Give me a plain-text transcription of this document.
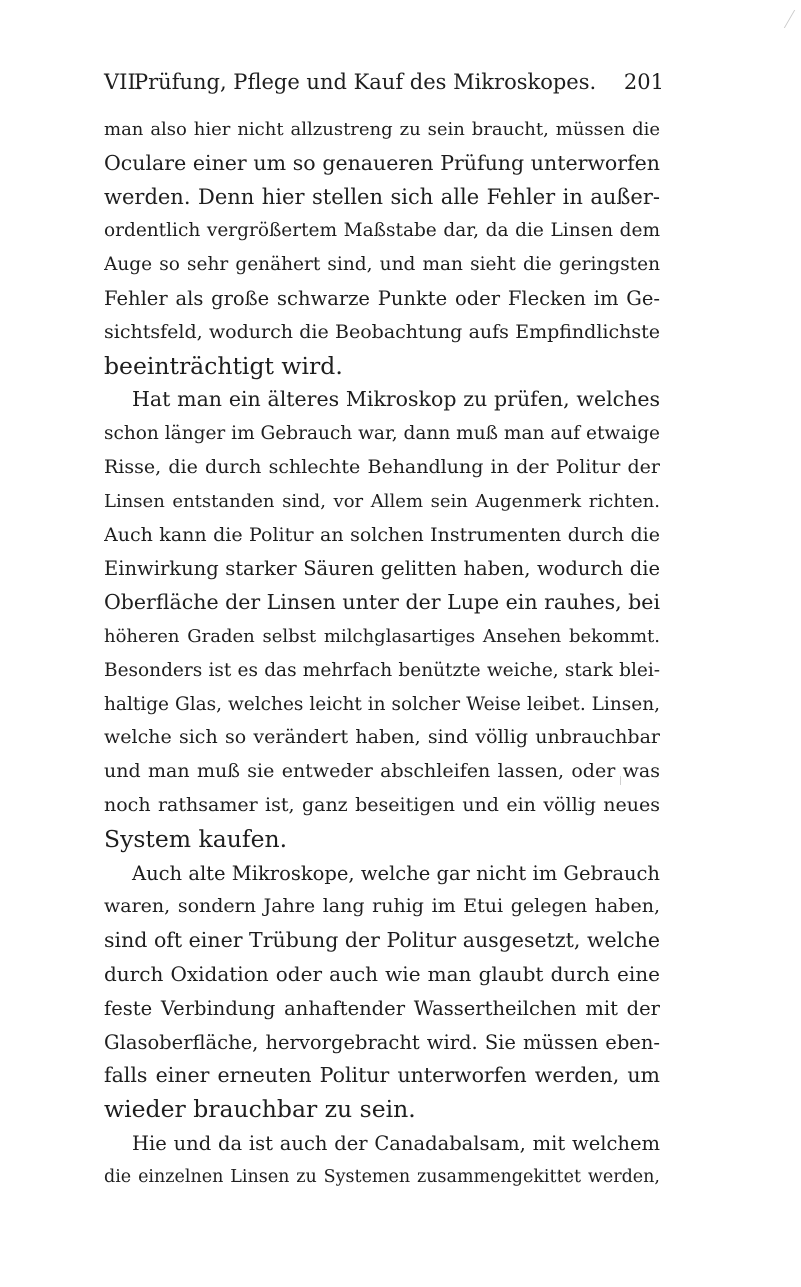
VII.
Prüfung, Pflege und Kauf des Mikroskopes. 201
man also hier nicht allzustreng zu sein braucht, müssen die
Oculare einer um so genaueren Prüfung unterworfen
werden. Denn hier stellen sich alle Fehler in außer-
ordentlich vergrößertem Maßstabe dar, da die Linsen dem
Auge so sehr genähert sind, und man sieht die geringsten
Fehler als große schwarze Punkte oder Flecken im Ge-
sichtsfeld, wodurch die Beobachtung aufs Empfindlichste
beeinträchtigt wird.
Hat man ein älteres Mikroskop zu prüfen, welches
schon länger im Gebrauch war, dann muß man auf etwaige
Risse, die durch schlechte Behandlung in der Politur der
Linsen entstanden sind, vor Allem sein Augenmerk richten.
Auch kann die Politur an solchen Instrumenten durch die
Einwirkung starker Säuren gelitten haben, wodurch die
Oberfläche der Linsen unter der Lupe ein rauhes, bei
höheren Graden selbst milchglasartiges Ansehen bekommt.
Besonders ist es das mehrfach benützte weiche, stark blei-
haltige Glas, welches leicht in solcher Weise leibet. Linsen,
welche sich so verändert haben, sind völlig unbrauchbar
und man muß sie entweder abschleifen lassen, oder was
noch rathsamer ist, ganz beseitigen und ein völlig neues
System kaufen.
Auch alte Mikroskope, welche gar nicht im Gebrauch
waren, sondern Jahre lang ruhig im Etui gelegen haben,
sind oft einer Trübung der Politur ausgesetzt, welche
durch Oxidation oder auch wie man glaubt durch eine
feste Verbindung anhaftender Wassertheilchen mit der
Glasoberfläche, hervorgebracht wird. Sie müssen eben-
falls einer erneuten Politur unterworfen werden, um
wieder brauchbar zu sein.
Hie und da ist auch der Canadabalsam, mit welchem
die einzelnen Linsen zu Systemen zusammengekittet werden,
